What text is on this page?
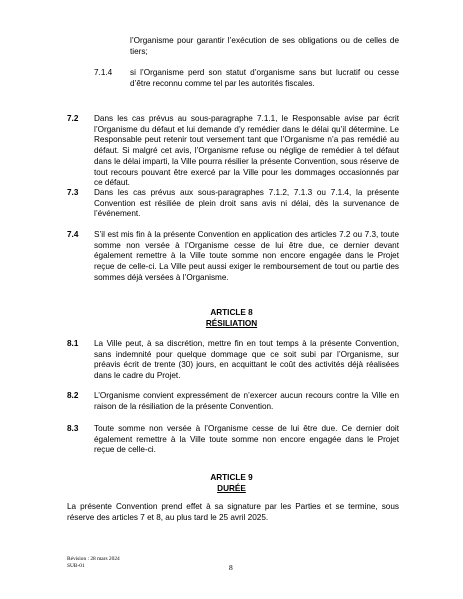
l’Organisme pour garantir l’exécution de ses obligations ou de celles de tiers;

7.1.4 si l’Organisme perd son statut d’organisme sans but lucratif ou cesse d’être reconnu comme tel par les autorités fiscales.

7.2 Dans les cas prévus au sous-paragraphe 7.1.1, le Responsable avise par écrit l’Organisme du défaut et lui demande d’y remédier dans le délai qu’il détermine. Le Responsable peut retenir tout versement tant que l’Organisme n’a pas remédié au défaut. Si malgré cet avis, l’Organisme refuse ou néglige de remédier à tel défaut dans le délai imparti, la Ville pourra résilier la présente Convention, sous réserve de tout recours pouvant être exercé par la Ville pour les dommages occasionnés par ce défaut.

7.3 Dans les cas prévus aux sous-paragraphes 7.1.2, 7.1.3 ou 7.1.4, la présente Convention est résiliée de plein droit sans avis ni délai, dès la survenance de l’événement.

7.4 S’il est mis fin à la présente Convention en application des articles 7.2 ou 7.3, toute somme non versée à l’Organisme cesse de lui être due, ce dernier devant également remettre à la Ville toute somme non encore engagée dans le Projet reçue de celle-ci. La Ville peut aussi exiger le remboursement de tout ou partie des sommes déjà versées à l’Organisme.

ARTICLE 8
RÉSILIATION
8.1 La Ville peut, à sa discrétion, mettre fin en tout temps à la présente Convention, sans indemnité pour quelque dommage que ce soit subi par l’Organisme, sur préavis écrit de trente (30) jours, en acquittant le coût des activités déjà réalisées dans le cadre du Projet.

8.2 L’Organisme convient expressément de n’exercer aucun recours contre la Ville en raison de la résiliation de la présente Convention.

8.3 Toute somme non versée à l’Organisme cesse de lui être due. Ce dernier doit également remettre à la Ville toute somme non encore engagée dans le Projet reçue de celle-ci.

ARTICLE 9
DURÉE

La présente Convention prend effet à sa signature par les Parties et se termine, sous réserve des articles 7 et 8, au plus tard le 25 avril 2025.

Révision : 28 mars 2024
SUB-01	8
